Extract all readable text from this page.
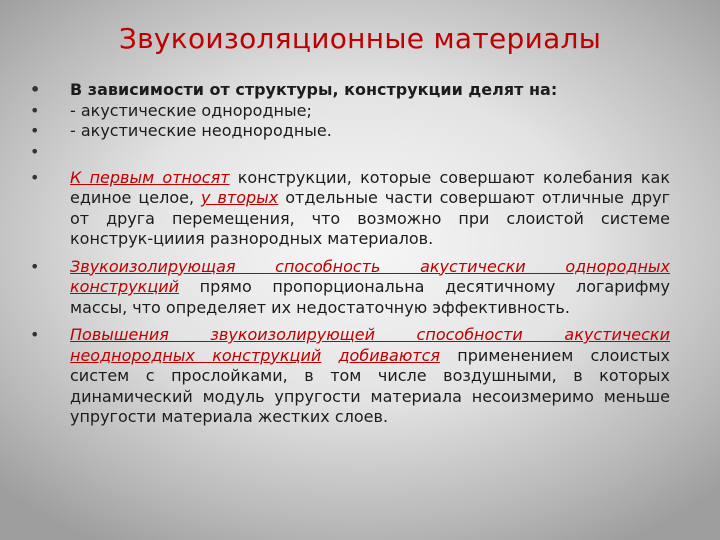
Звукоизоляционные материалы
• В зависимости от структуры, конструкции делят на:
• - акустические однородные;
• - акустические неоднородные.
•
• К первым относят конструкции, которые совершают колебания как единое целое, у вторых отдельные части совершают отличные друг от друга перемещения, что возможно при слоистой системе конструк-цииия разнородных материалов.
• Звукоизолирующая способность акустически однородных конструкций прямо пропорциональна десятичному логарифму массы, что определяет их недостаточную эффективность.
• Повышения звукоизолирующей способности акустически неоднородных конструкций добиваются применением слоистых систем с прослойками, в том числе воздушными, в которых динамический модуль упругости материала несоизмеримо меньше упругости материала жестких слоев.
